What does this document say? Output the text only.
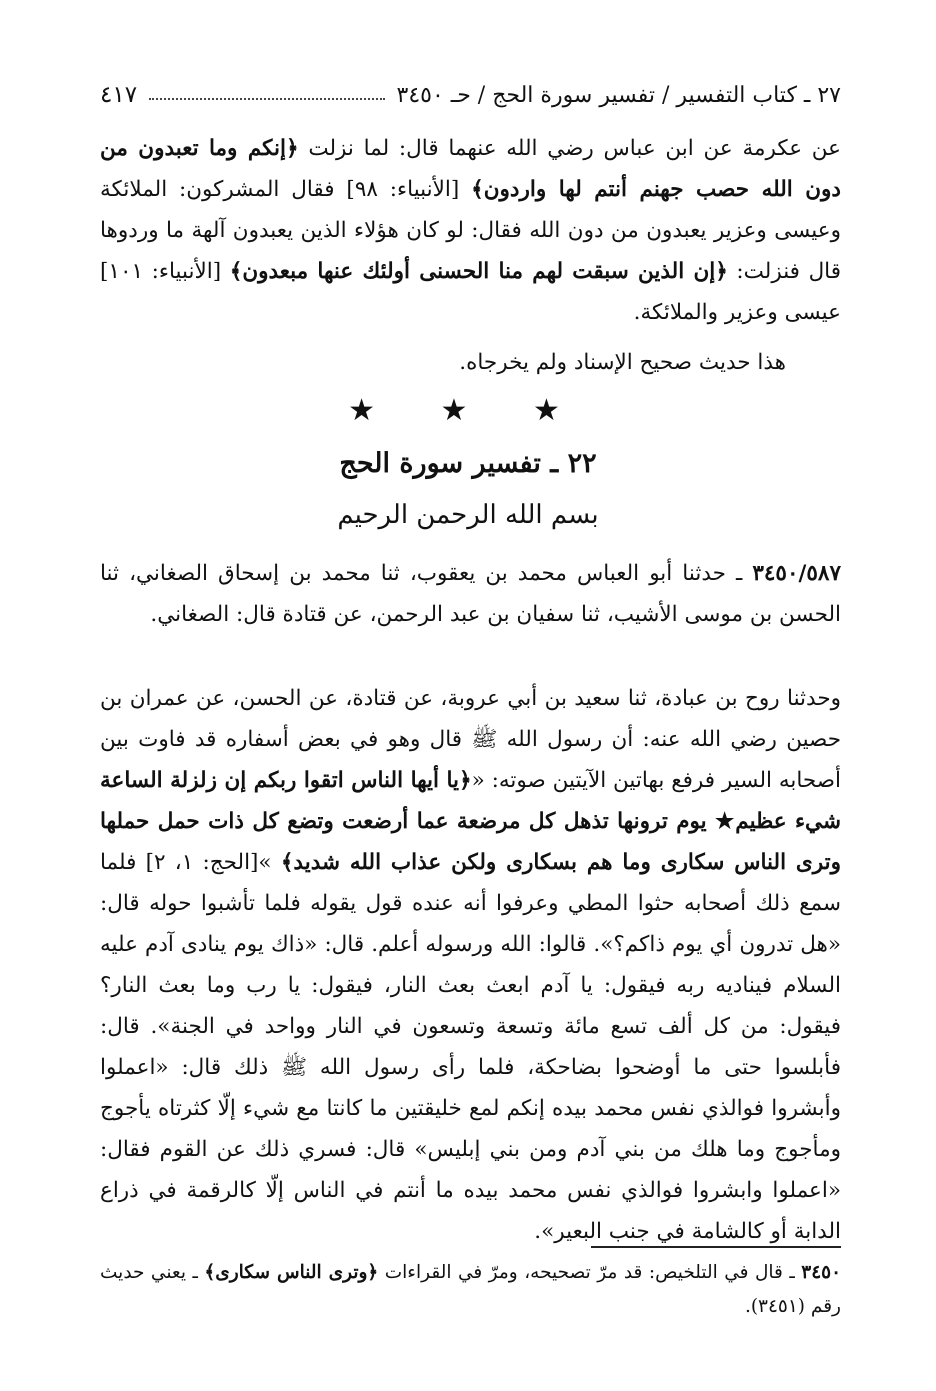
٢٧ ـ كتاب التفسير / تفسير سورة الحج / حـ ٣٤٥٠
٤١٧
عن عكرمة عن ابن عباس رضي الله عنهما قال: لما نزلت ﴿إنكم وما تعبدون من دون الله حصب جهنم أنتم لها واردون﴾ [الأنبياء: ٩٨] فقال المشركون: الملائكة وعيسى وعزير يعبدون من دون الله فقال: لو كان هؤلاء الذين يعبدون آلهة ما وردوها قال فنزلت: ﴿إن الذين سبقت لهم منا الحسنى أولئك عنها مبعدون﴾ [الأنبياء: ١٠١] عيسى وعزير والملائكة.
هذا حديث صحيح الإسناد ولم يخرجاه.
★ ★ ★
٢٢ ـ تفسير سورة الحج
بسم الله الرحمن الرحيم
٣٤٥٠/٥٨٧ ـ حدثنا أبو العباس محمد بن يعقوب، ثنا محمد بن إسحاق الصغاني، ثنا الحسن بن موسى الأشيب، ثنا سفيان بن عبد الرحمن، عن قتادة قال: الصغاني.
وحدثنا روح بن عبادة، ثنا سعيد بن أبي عروبة، عن قتادة، عن الحسن، عن عمران بن حصين رضي الله عنه: أن رسول الله ﷺ قال وهو في بعض أسفاره قد فاوت بين أصحابه السير فرفع بهاتين الآيتين صوته: «﴿يا أيها الناس اتقوا ربكم إن زلزلة الساعة شيء عظيم★ يوم ترونها تذهل كل مرضعة عما أرضعت وتضع كل ذات حمل حملها وترى الناس سكارى وما هم بسكارى ولكن عذاب الله شديد﴾ »[الحج: ١، ٢] فلما سمع ذلك أصحابه حثوا المطي وعرفوا أنه عنده قول يقوله فلما تأشبوا حوله قال: «هل تدرون أي يوم ذاكم؟». قالوا: الله ورسوله أعلم. قال: «ذاك يوم ينادى آدم عليه السلام فيناديه ربه فيقول: يا آدم ابعث بعث النار، فيقول: يا رب وما بعث النار؟ فيقول: من كل ألف تسع مائة وتسعة وتسعون في النار وواحد في الجنة». قال: فأبلسوا حتى ما أوضحوا بضاحكة، فلما رأى رسول الله ﷺ ذلك قال: «اعملوا وأبشروا فوالذي نفس محمد بيده إنكم لمع خليقتين ما كانتا مع شيء إلّا كثرتاه يأجوج ومأجوج وما هلك من بني آدم ومن بني إبليس» قال: فسري ذلك عن القوم فقال: «اعملوا وابشروا فوالذي نفس محمد بيده ما أنتم في الناس إلّا كالرقمة في ذراع الدابة أو كالشامة في جنب البعير».
٣٤٥٠ ـ قال في التلخيص: قد مرّ تصحيحه، ومرّ في القراءات ﴿وترى الناس سكارى﴾ ـ يعني حديث رقم (٣٤٥١).
